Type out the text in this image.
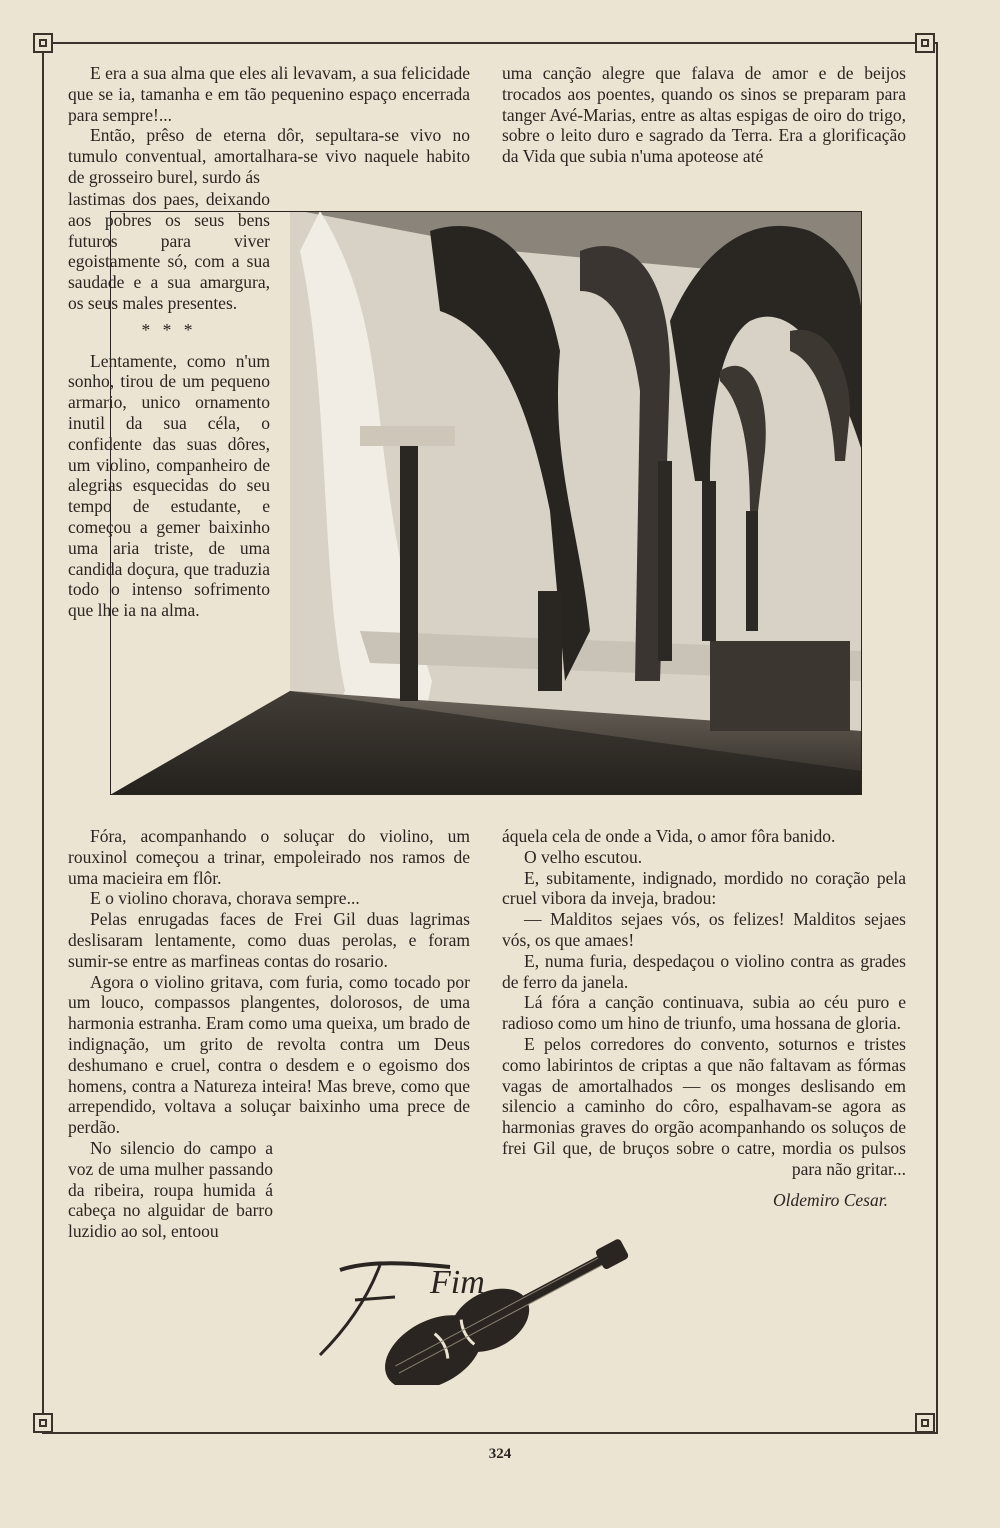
E era a sua alma que eles ali levavam, a sua felicidade que se ia, tamanha e em tão pequenino espaço encerrada para sempre!...

Então, prêso de eterna dôr, sepultara-se vivo no tumulo conventual, amortalhara-se vivo naquele habito de grosseiro burel, surdo ás

uma canção alegre que falava de amor e de beijos trocados aos poentes, quando os sinos se preparam para tanger Avé-Marias, entre as altas espigas de oiro do trigo, sobre o leito duro e sagrado da Terra. Era a glorificação da Vida que subia n'uma apoteose até

lastimas dos paes, deixando aos pobres os seus bens futuros para viver egoistamente só, com a sua saudade e a sua amargura, os seus males presentes.

* * *

Lentamente, como n'um sonho, tirou de um pequeno armario, unico ornamento inutil da sua céla, o confidente das suas dôres, um violino, companheiro de alegrias esquecidas do seu tempo de estudante, e começou a gemer baixinho uma aria triste, de uma candida doçura, que traduzia todo o intenso sofrimento que lhe ia na alma.

Fóra, acompanhando o soluçar do violino, um rouxinol começou a trinar, empoleirado nos ramos de uma macieira em flôr.

E o violino chorava, chorava sempre...

Pelas enrugadas faces de Frei Gil duas lagrimas deslisaram lentamente, como duas perolas, e foram sumir-se entre as marfineas contas do rosario.

Agora o violino gritava, com furia, como tocado por um louco, compassos plangentes, dolorosos, de uma harmonia estranha. Eram como uma queixa, um brado de indignação, um grito de revolta contra um Deus deshumano e cruel, contra o desdem e o egoismo dos homens, contra a Natureza inteira! Mas breve, como que arrependido, voltava a soluçar baixinho uma prece de perdão.

No silencio do campo a voz de uma mulher passando da ribeira, roupa humida á cabeça no alguidar de barro luzidio ao sol, entoou

áquela cela de onde a Vida, o amor fôra banido.

O velho escutou.

E, subitamente, indignado, mordido no coração pela cruel vibora da inveja, bradou:

— Malditos sejaes vós, os felizes! Malditos sejaes vós, os que amaes!

E, numa furia, despedaçou o violino contra as grades de ferro da janela.

Lá fóra a canção continuava, subia ao céu puro e radioso como um hino de triunfo, uma hossana de gloria.

E pelos corredores do convento, soturnos e tristes como labirintos de criptas a que não faltavam as fórmas vagas de amortalhados — os monges deslisando em silencio a caminho do côro, espalhavam-se agora as harmonias graves do orgão acompanhando os soluços de frei Gil que, de bruços sobre o catre, mordia os pulsos para não gritar...

Oldemiro Cesar.

Fim
324
